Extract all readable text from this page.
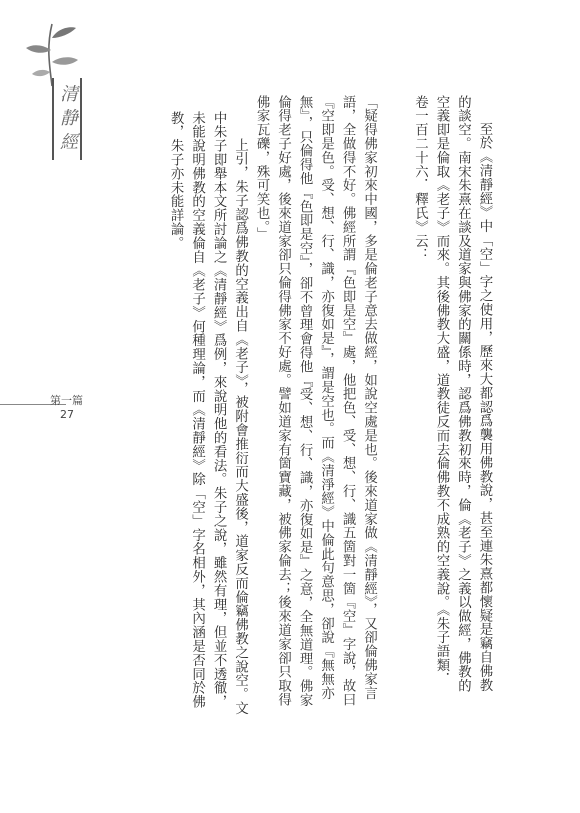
清静經
第一篇
27	至於《清靜經》中「空」字之使用，歷來大都認爲襲用佛教說，甚至連朱熹都懷疑是竊自佛教的談空。南宋朱熹在談及道家與佛家的關係時，認爲佛教初來時，倫《老子》之義以做經，佛教的空義即是倫取《老子》而來。其後佛教大盛，道教徒反而去倫佛教不成熟的空義說。《朱子語類．卷一百二十六．釋氏》云：

「疑得佛家初來中國，多是倫老子意去做經，如說空處是也。後來道家做《清靜經》，又卻倫佛家言語，全做得不好。佛經所謂『色即是空』處，他把色、受、想、行、識五箇對一箇『空』字說，故曰『空即是色。受、想、行、識，亦復如是』，謂是空也。而《清淨經》中倫此句意思，卻說『無無亦無』，只倫得他『色即是空』，卻不曾理會得他『受、想、行、識，亦復如是』之意，全無道理。佛家倫得老子好處，後來道家卻只倫得佛家不好處。譬如道家有箇寶藏，被佛家倫去；後來道家卻只取得佛家瓦礫，殊可笑也。」

上引，朱子認爲佛教的空義出自《老子》，被附會推衍而大盛後，道家反而倫竊佛教之說空。文中朱子即舉本文所討論之《清靜經》爲例，來說明他的看法。朱子之說，雖然有理，但並不透徹，未能說明佛教的空義倫自《老子》何種理論，而《清靜經》除「空」字名相外，其內涵是否同於佛教，朱子亦未能詳論。
